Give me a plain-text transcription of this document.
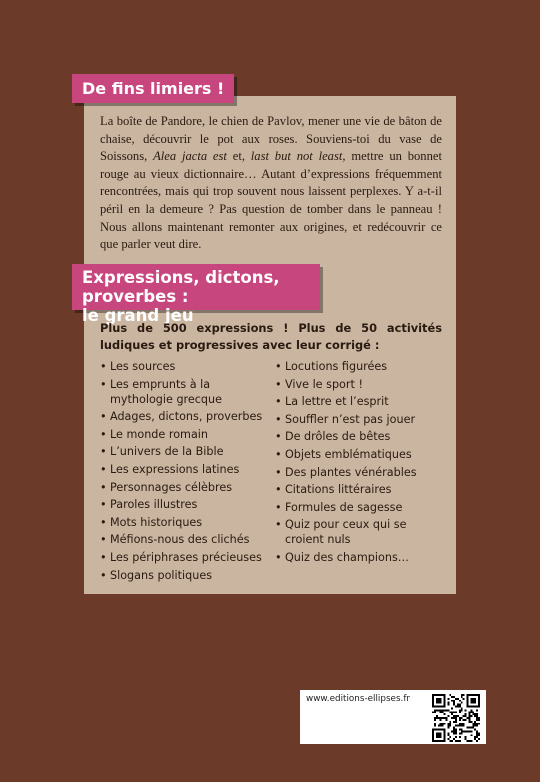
De fins limiers !

La boîte de Pandore, le chien de Pavlov, mener une vie de bâton de chaise, découvrir le pot aux roses. Souviens-toi du vase de Soissons, Alea jacta est et, last but not least, mettre un bonnet rouge au vieux dictionnaire… Autant d’expressions fréquemment rencontrées, mais qui trop souvent nous laissent perplexes. Y a-t-il péril en la demeure ? Pas question de tomber dans le panneau ! Nous allons maintenant remonter aux origines, et redécouvrir ce que parler veut dire.

Expressions, dictons, proverbes :
le grand jeu

Plus de 500 expressions ! Plus de 50 activités ludiques et progressives avec leur corrigé :

• Les sources
• Les emprunts à la mythologie grecque
• Adages, dictons, proverbes
• Le monde romain
• L’univers de la Bible
• Les expressions latines
• Personnages célèbres
• Paroles illustres
• Mots historiques
• Méfions-nous des clichés
• Les périphrases précieuses
• Slogans politiques
• Locutions figurées
• Vive le sport !
• La lettre et l’esprit
• Souffler n’est pas jouer
• De drôles de bêtes
• Objets emblématiques
• Des plantes vénérables
• Citations littéraires
• Formules de sagesse
• Quiz pour ceux qui se croient nuls
• Quiz des champions…
www.editions-ellipses.fr
